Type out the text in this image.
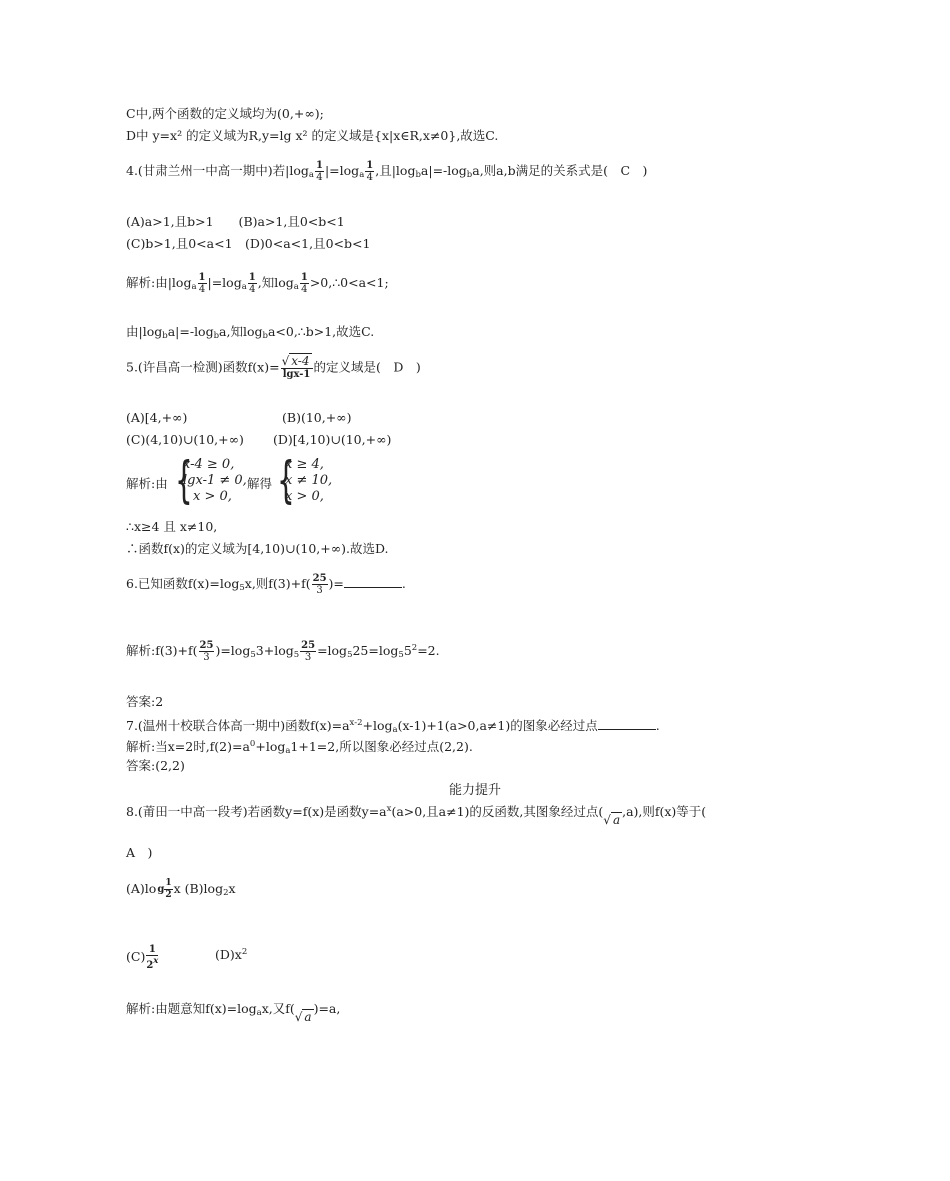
C中,两个函数的定义域均为(0,+∞);
D中 y=x² 的定义域为R,y=lg x² 的定义域是{x|x∈R,x≠0},故选C.
4.(甘肃兰州一中高一期中)若$|\log_a \frac{1}{4} |=\log_a \frac{1}{4}$ ,且$|\log_ba|=-\log_ba$,则a,b满足的关系式是(　C　)
(A)a>1,且b>1　　(B)a>1,且0<b<1
(C)b>1,且0<a<1　(D)0<a<1,且0<b<1
解析:由$|\log_a \frac{1}{4} |=\log_a \frac{1}{4}$ ,知$\log_a \frac{1}{4}$ >0,∴0<a<1;
由$|\log_ba|=-\log_ba$,知$\log_ba<0,\therefore b>1$,故选C.
5.(许昌高一检测)函数$f(x)= \frac{√ x-4}{\lg x-1}$ 的定义域是(　D　)
(A)[4,+∞)	(B)(10,+∞)
(C)(4,10)∪(10,+∞) (D)[4,10)∪(10,+∞)
解析:由 {
x-4 ≥ 0,
lgx-1 ≠ 0,
x > 0,
解得 {
x ≥ 4,
x ≠ 10,
x > 0,
∴x≥4 且 x≠10,
∴函数f(x)的定义域为[4,10)∪(10,+∞).故选D.
6.已知函数$f(x)=\log_5x$,则$f(3)+f( \frac{25}{3}$ )=	.
解析:f(3)+f( $\frac{25}{3} )=\log_53+\log_5 \frac{25}{3} =\log_525=\log_55^2=2$.
答案:2
7.(温州十校联合体高一期中)函数$f(x)=a^{x-2}+\log_a(x-1)+1(a>0,a\ne 1)$的图象必经过点	.
解析:当x=2时$,f(2)=a^0+\log_a1+1=2$,所以图象必经过点(2,2).
答案:(2,2)
能力提升
8.(莆田一中高一段考)若函数y=f(x)是函数$y=a^x(a>0$,且a≠1)的反函数,其图象经过点(√ a,a),则f(x)等于(
A　)
$(A)\log \frac{1}{2}$ x $(B)\log_2x$
$(C) \frac{1}{2^x}$	$(D)x^2$
解析:由题意知$f(x)=\log_ax$,又f(√ a)=a,
